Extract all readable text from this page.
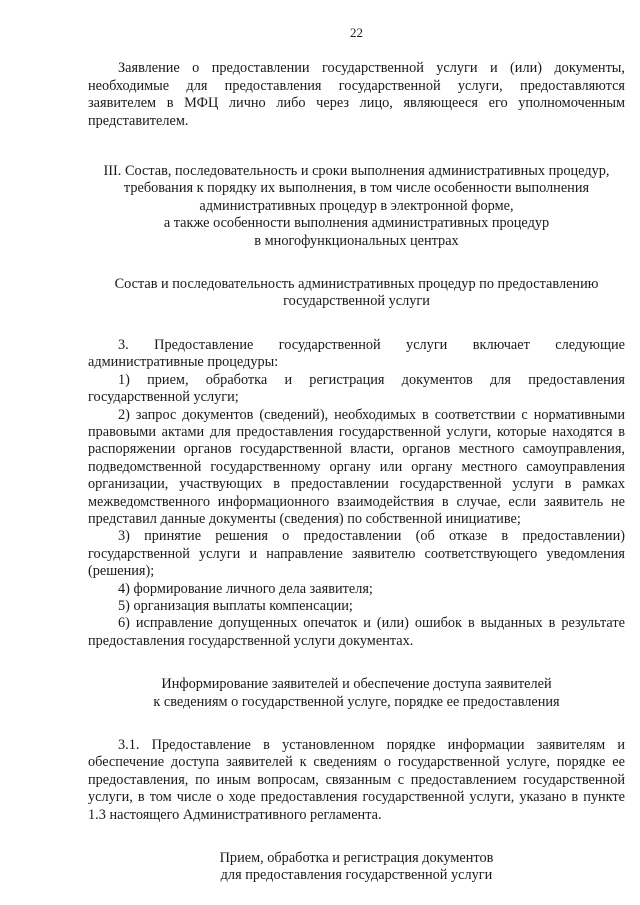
22

Заявление о предоставлении государственной услуги и (или) документы, необходимые для предоставления государственной услуги, предоставляются заявителем в МФЦ лично либо через лицо, являющееся его уполномоченным представителем.

III. Состав, последовательность и сроки выполнения административных процедур,
требования к порядку их выполнения, в том числе особенности выполнения
административных процедур в электронной форме,
а также особенности выполнения административных процедур
в многофункциональных центрах
Состав и последовательность административных процедур по предоставлению
государственной услуги

3. Предоставление государственной услуги включает следующие административные процедуры:

1) прием, обработка и регистрация документов для предоставления государственной услуги;

2) запрос документов (сведений), необходимых в соответствии с нормативными правовыми актами для предоставления государственной услуги, которые находятся в распоряжении органов государственной власти, органов местного самоуправления, подведомственной государственному органу или органу местного самоуправления организации, участвующих в предоставлении государственной услуги в рамках межведомственного информационного взаимодействия в случае, если заявитель не представил данные документы (сведения) по собственной инициативе;

3) принятие решения о предоставлении (об отказе в предоставлении) государственной услуги и направление заявителю соответствующего уведомления (решения);

4) формирование личного дела заявителя;

5) организация выплаты компенсации;

6) исправление допущенных опечаток и (или) ошибок в выданных в результате предоставления государственной услуги документах.

Информирование заявителей и обеспечение доступа заявителей
к сведениям о государственной услуге, порядке ее предоставления

3.1. Предоставление в установленном порядке информации заявителям и обеспечение доступа заявителей к сведениям о государственной услуге, порядке ее предоставления, по иным вопросам, связанным с предоставлением государственной услуги, в том числе о ходе предоставления государственной услуги, указано в пункте 1.3 настоящего Административного регламента.

Прием, обработка и регистрация документов
для предоставления государственной услуги
